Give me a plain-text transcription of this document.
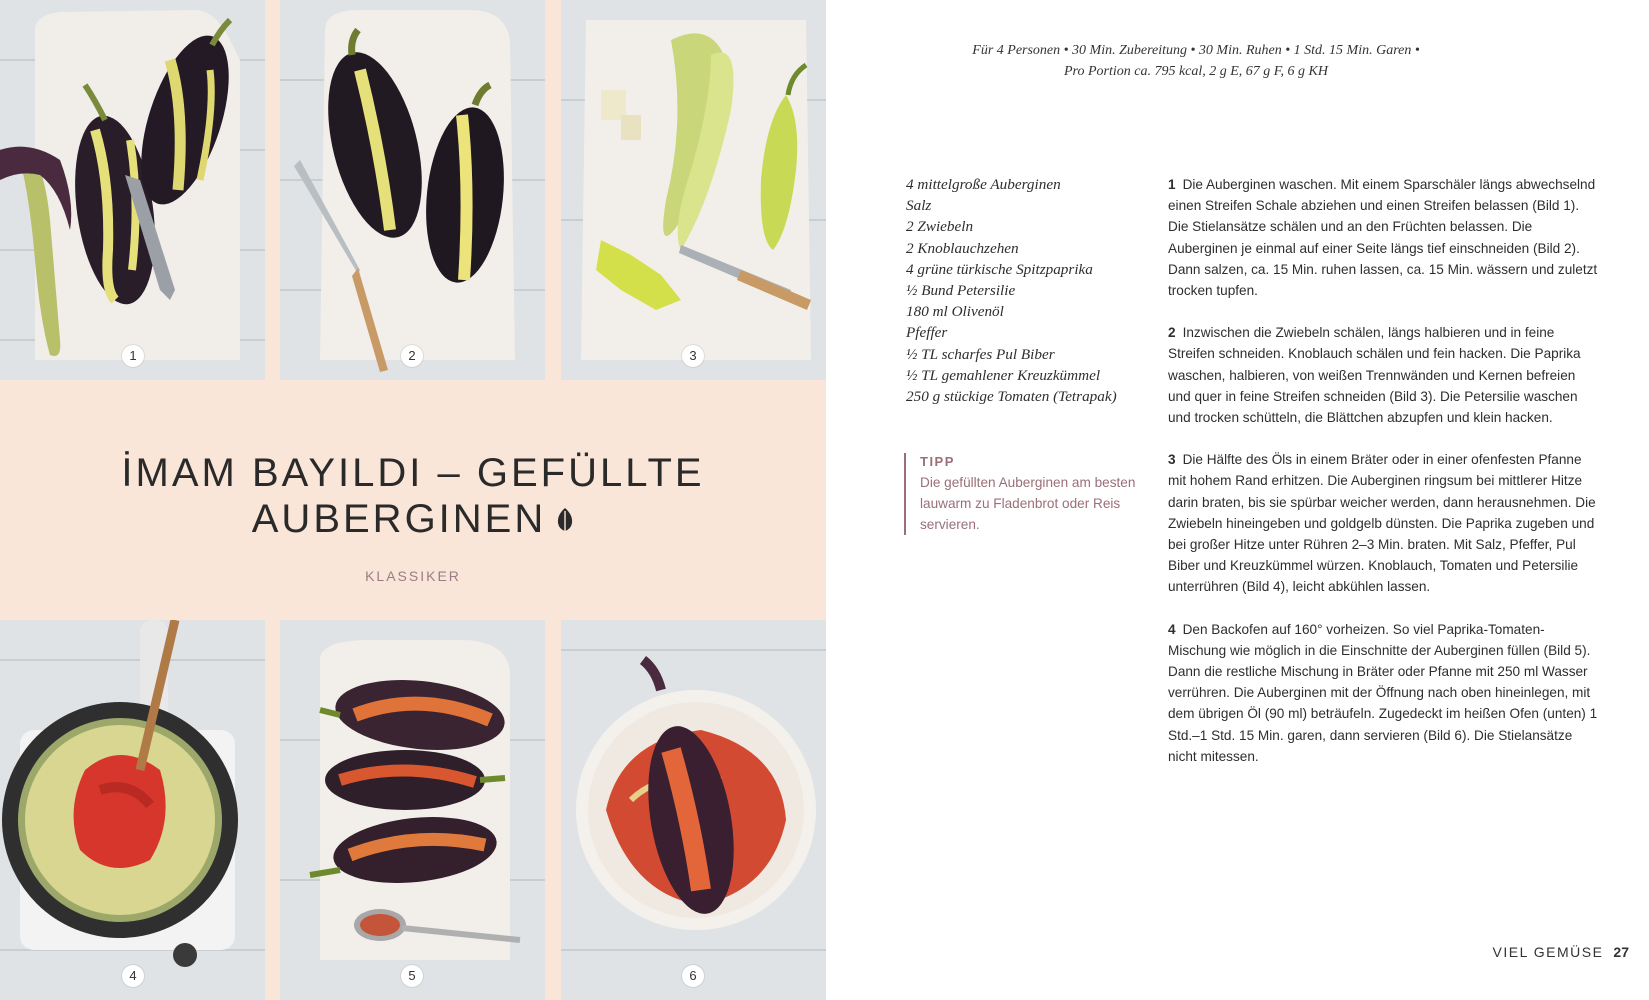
1	2	3
İMAM BAYILDI – GEFÜLLTE
AUBERGINEN
KLASSIKER
4	5	6
Für 4 Personen • 30 Min. Zubereitung • 30 Min. Ruhen • 1 Std. 15 Min. Garen •
Pro Portion ca. 795 kcal, 2 g E, 67 g F, 6 g KH
4 mittelgroße Auberginen
Salz
2 Zwiebeln
2 Knoblauchzehen
4 grüne türkische Spitzpaprika
½ Bund Petersilie
180 ml Olivenöl
Pfeffer
½ TL scharfes Pul Biber
½ TL gemahlener Kreuzkümmel
250 g stückige Tomaten (Tetrapak)
TIPP
Die gefüllten Auberginen am besten lauwarm zu Fladenbrot oder Reis servieren.

1 Die Auberginen waschen. Mit einem Sparschäler längs abwechselnd einen Streifen Schale abziehen und einen Streifen belassen (Bild 1). Die Stielansätze schälen und an den Früchten belassen. Die Auberginen je einmal auf einer Seite längs tief einschneiden (Bild 2). Dann salzen, ca. 15 Min. ruhen lassen, ca. 15 Min. wässern und zuletzt trocken tupfen.

2 Inzwischen die Zwiebeln schälen, längs halbieren und in feine Streifen schneiden. Knoblauch schälen und fein hacken. Die Paprika waschen, halbieren, von weißen Trennwänden und Kernen befreien und quer in feine Streifen schneiden (Bild 3). Die Petersilie waschen und trocken schütteln, die Blättchen abzupfen und klein hacken.

3 Die Hälfte des Öls in einem Bräter oder in einer ofenfesten Pfanne mit hohem Rand erhitzen. Die Auberginen ringsum bei mittlerer Hitze darin braten, bis sie spürbar weicher werden, dann herausnehmen. Die Zwiebeln hineingeben und goldgelb dünsten. Die Paprika zugeben und bei großer Hitze unter Rühren 2–3 Min. braten. Mit Salz, Pfeffer, Pul Biber und Kreuzkümmel würzen. Knoblauch, Tomaten und Petersilie unterrühren (Bild 4), leicht abkühlen lassen.

4 Den Backofen auf 160° vorheizen. So viel Paprika-Tomaten-Mischung wie möglich in die Einschnitte der Auberginen füllen (Bild 5). Dann die restliche Mischung in Bräter oder Pfanne mit 250 ml Wasser verrühren. Die Auberginen mit der Öffnung nach oben hineinlegen, mit dem übrigen Öl (90 ml) beträufeln. Zugedeckt im heißen Ofen (unten) 1 Std.–1 Std. 15 Min. garen, dann servieren (Bild 6). Die Stielansätze nicht mitessen.

VIEL GEMÜSE 27
